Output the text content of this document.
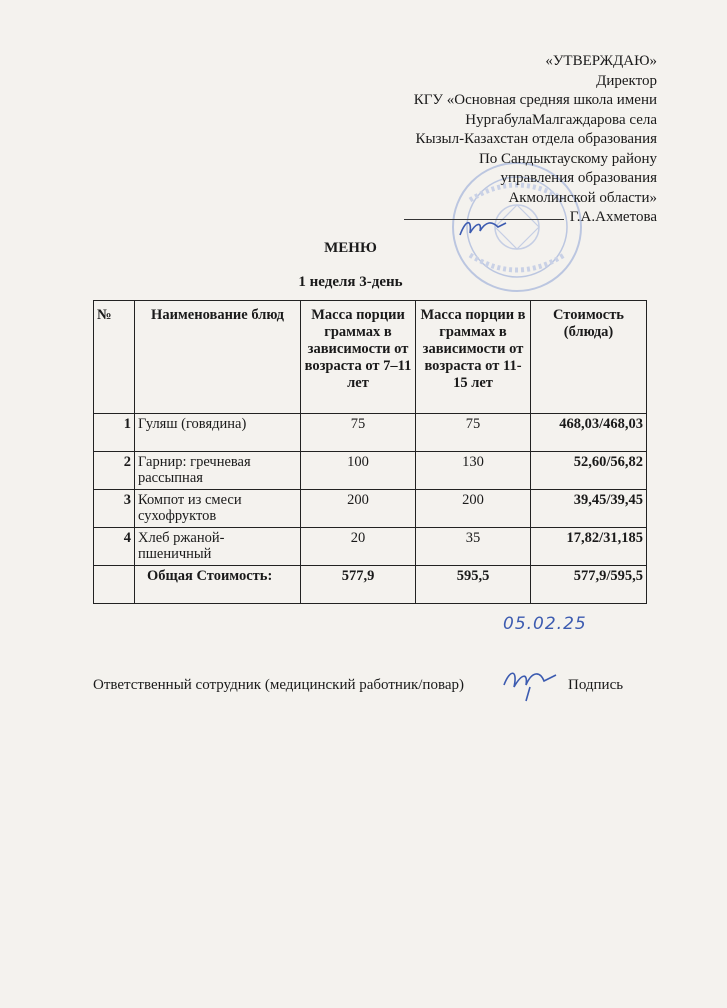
«УТВЕРЖДАЮ»
Директор
КГУ «Основная средняя школа имени
НургабулаМалгаждарова села
Кызыл-Казахстан отдела образования
По Сандыктаускому району
управления образования
Акмолинской области»
Г.А.Ахметова
МЕНЮ
1 неделя 3-день
№	Наименование блюд	Масса порции граммах в зависимости от возраста от 7–11 лет	Масса порции в граммах в зависимости от возраста от 11-15 лет	Стоимость (блюда)
1	Гуляш (говядина)	75	75	468,03/468,03
2	Гарнир: гречневая рассыпная	100	130	52,60/56,82
3	Компот из смеси сухофруктов	200	200	39,45/39,45
4	Хлеб ржаной-пшеничный	20	35	17,82/31,185
	Общая Стоимость:	577,9	595,5	577,9/595,5
05.02.25
Ответственный сотрудник (медицинский работник/повар)	Подпись
